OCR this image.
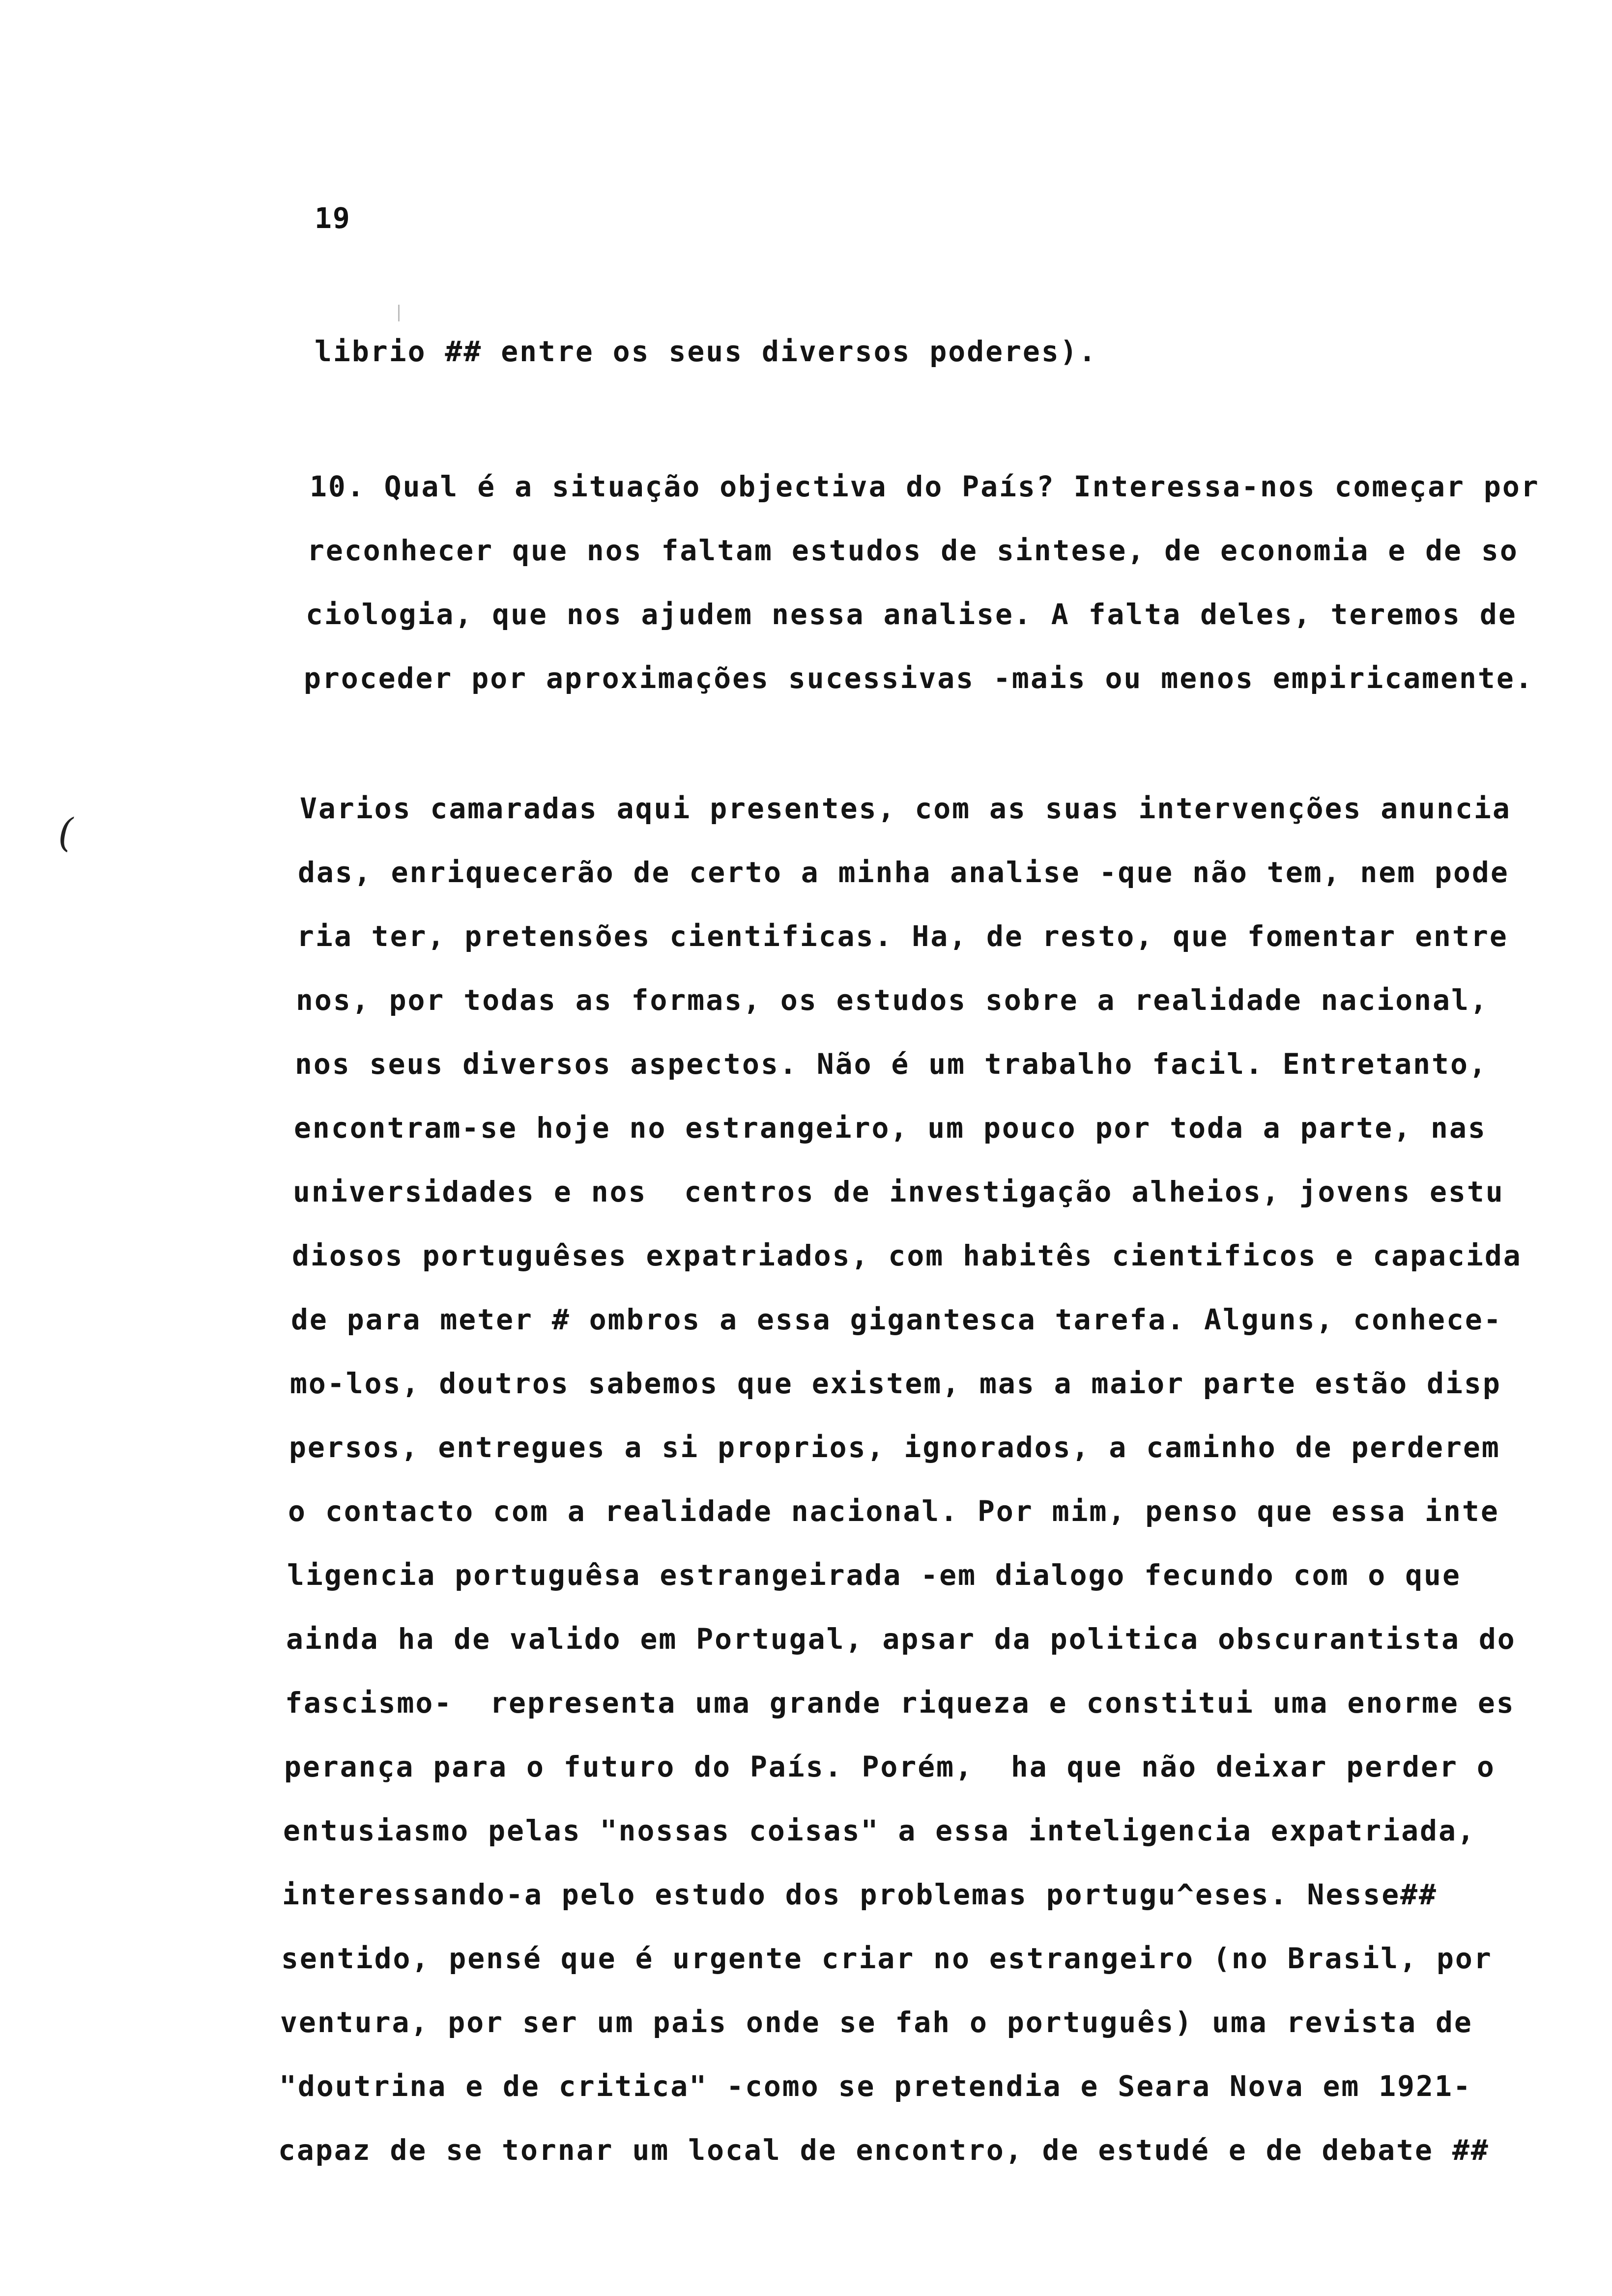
19
(
librio ## entre os seus diversos poderes).
10. Qual é a situação objectiva do País? Interessa-nos começar por
reconhecer que nos faltam estudos de sintese, de economia e de so
ciologia, que nos ajudem nessa analise. A falta deles, teremos de
proceder por aproximações sucessivas -mais ou menos empiricamente.
Varios camaradas aqui presentes, com as suas intervenções anuncia
das, enriquecerão de certo a minha analise -que não tem, nem pode
ria ter, pretensões cientificas. Ha, de resto, que fomentar entre
nos, por todas as formas, os estudos sobre a realidade nacional,
nos seus diversos aspectos. Não é um trabalho facil. Entretanto,
encontram-se hoje no estrangeiro, um pouco por toda a parte, nas
universidades e nos  centros de investigação alheios, jovens estu
diosos portuguêses expatriados, com habitês cientificos e capacida
de para meter # ombros a essa gigantesca tarefa. Alguns, conhece-
mo-los, doutros sabemos que existem, mas a maior parte estão disp
persos, entregues a si proprios, ignorados, a caminho de perderem
o contacto com a realidade nacional. Por mim, penso que essa inte
ligencia portuguêsa estrangeirada -em dialogo fecundo com o que
ainda ha de valido em Portugal, apsar da politica obscurantista do
fascismo-  representa uma grande riqueza e constitui uma enorme es
perança para o futuro do País. Porém,  ha que não deixar perder o
entusiasmo pelas "nossas coisas" a essa inteligencia expatriada,
interessando-a pelo estudo dos problemas portugu^eses. Nesse##
sentido, pensé que é urgente criar no estrangeiro (no Brasil, por
ventura, por ser um pais onde se fah o português) uma revista de
"doutrina e de critica" -como se pretendia e Seara Nova em 1921-
capaz de se tornar um local de encontro, de estudé e de debate ##
